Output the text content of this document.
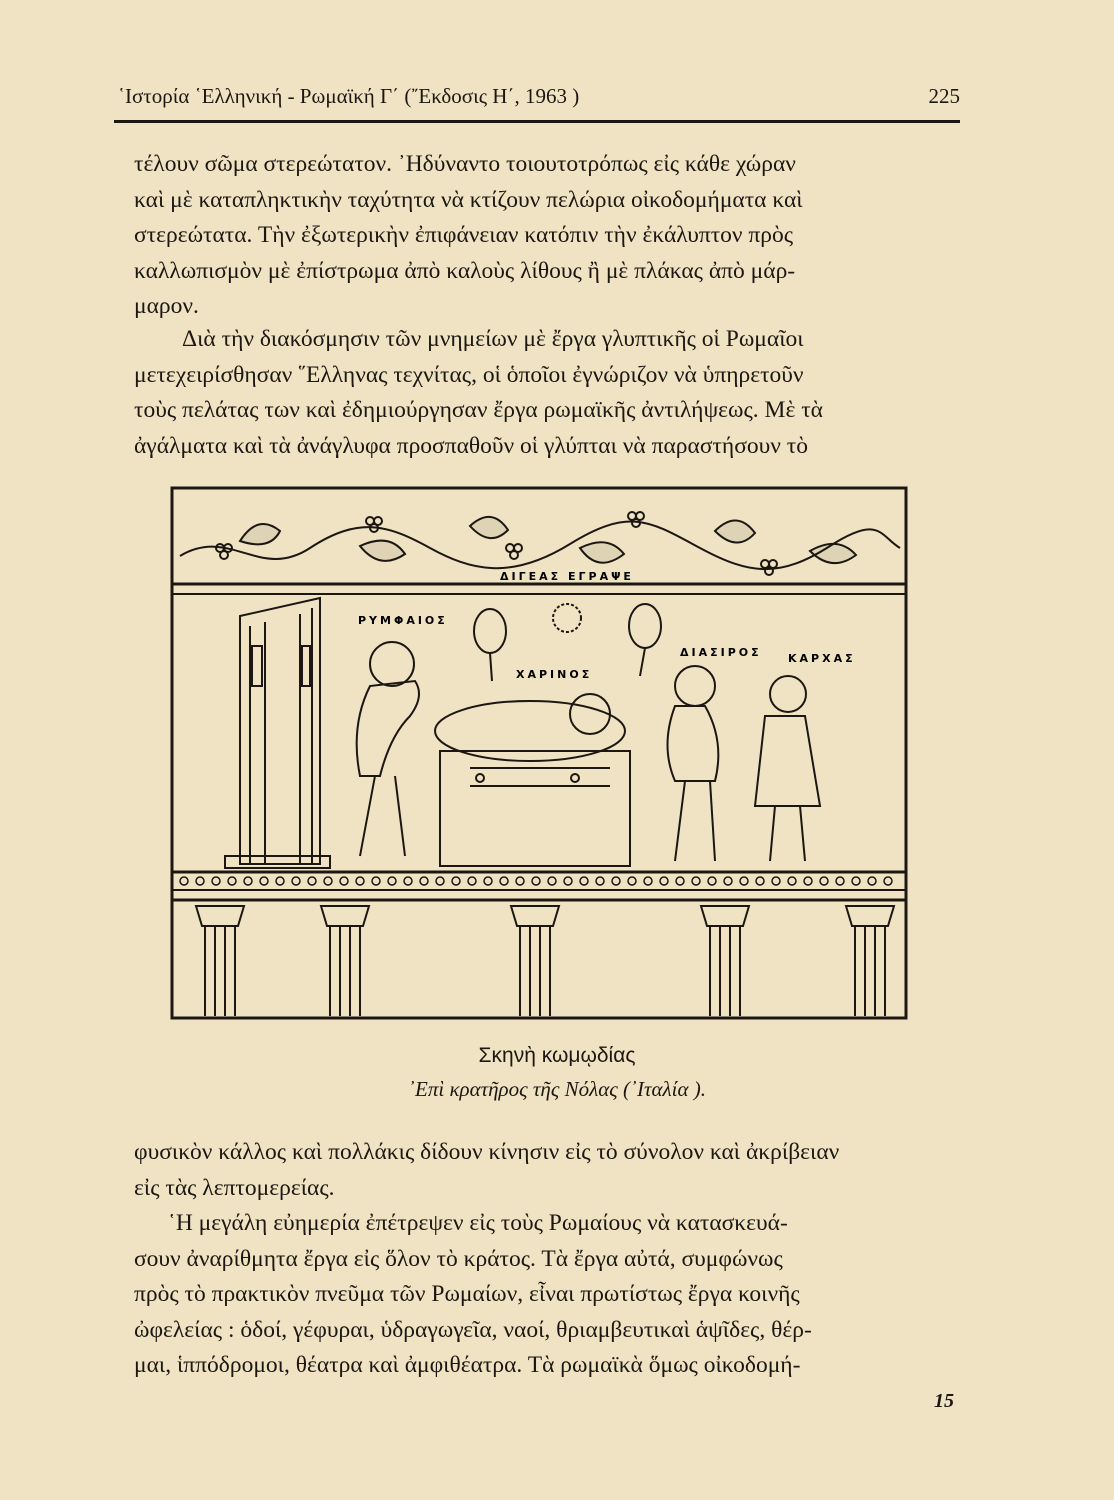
῾Ιστορία ῾Ελληνική - Ρωμαϊκή Γ΄ (῎Εκδοσις Η΄, 1963 )	225
τέλουν σῶμα στερεώτατον. ᾿Ηδύναντο τοιουτοτρόπως εἰς κάθε χώραν
καὶ μὲ καταπληκτικὴν ταχύτητα νὰ κτίζουν πελώρια οἰκοδομήματα καὶ
στερεώτατα. Τὴν ἐξωτερικὴν ἐπιφάνειαν κατόπιν τὴν ἐκάλυπτον πρὸς
καλλωπισμὸν μὲ ἐπίστρωμα ἀπὸ καλοὺς λίθους ἢ μὲ πλάκας ἀπὸ μάρ-
μαρον.
Διὰ τὴν διακόσμησιν τῶν μνημείων μὲ ἔργα γλυπτικῆς οἱ Ρωμαῖοι
μετεχειρίσθησαν ῞Ελληνας τεχνίτας, οἱ ὁποῖοι ἐγνώριζον νὰ ὑπηρετοῦν
τοὺς πελάτας των καὶ ἐδημιούργησαν ἔργα ρωμαϊκῆς ἀντιλήψεως. Μὲ τὰ
ἀγάλματα καὶ τὰ ἀνάγλυφα προσπαθοῦν οἱ γλύπται νὰ παραστήσουν τὸ
ΔΙΓΕΑΣ ΕΓΡΑΨΕ
ΡΥΜΦΑΙΟΣ
ΧΑΡΙΝΟΣ
ΔΙΑΣΙΡΟΣ ΚΑΡΧΑΣ
Σκηνὴ κωμῳδίας
᾿Επὶ κρατῆρος τῆς Νόλας (᾿Ιταλία ).
φυσικὸν κάλλος καὶ πολλάκις δίδουν κίνησιν εἰς τὸ σύνολον καὶ ἀκρίβειαν
εἰς τὰς λεπτομερείας.
῾Η μεγάλη εὐημερία ἐπέτρεψεν εἰς τοὺς Ρωμαίους νὰ κατασκευά-
σουν ἀναρίθμητα ἔργα εἰς ὅλον τὸ κράτος. Τὰ ἔργα αὐτά, συμφώνως
πρὸς τὸ πρακτικὸν πνεῦμα τῶν Ρωμαίων, εἶναι πρωτίστως ἔργα κοινῆς
ὠφελείας : ὁδοί, γέφυραι, ὑδραγωγεῖα, ναοί, θριαμβευτικαὶ ἁψῖδες, θέρ-
μαι, ἱππόδρομοι, θέατρα καὶ ἀμφιθέατρα. Τὰ ρωμαϊκὰ ὅμως οἰκοδομή-
15
